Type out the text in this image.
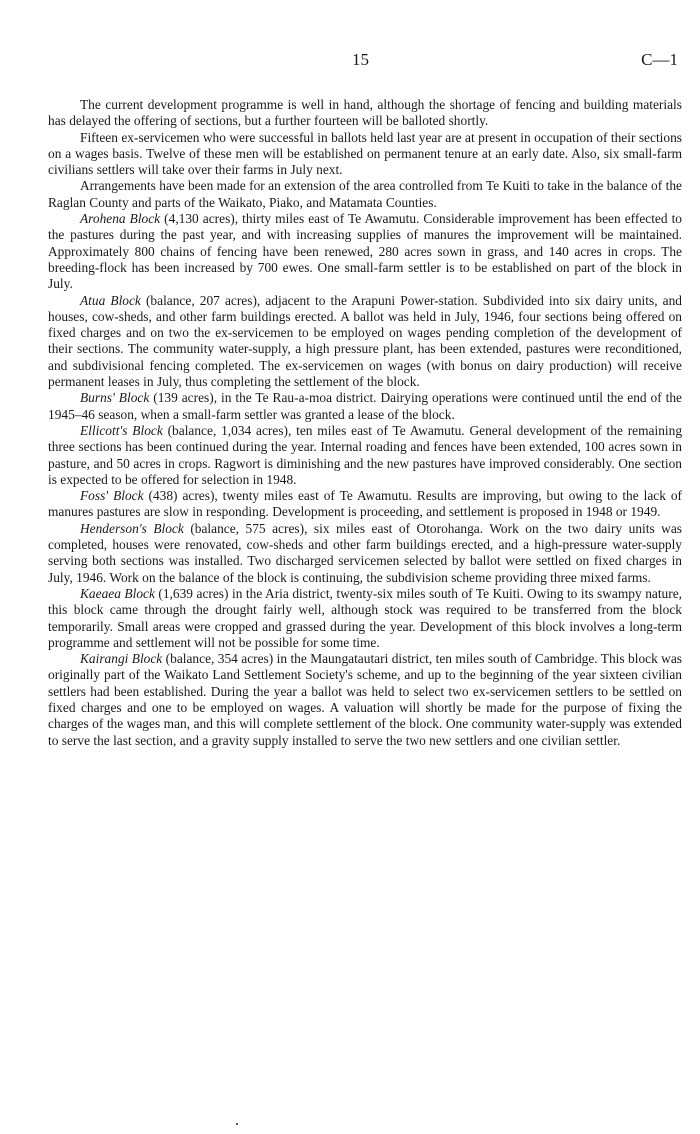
15	C—1

The current development programme is well in hand, although the shortage of fencing and building materials has delayed the offering of sections, but a further fourteen will be balloted shortly.

Fifteen ex-servicemen who were successful in ballots held last year are at present in occupation of their sections on a wages basis. Twelve of these men will be established on permanent tenure at an early date. Also, six small-farm civilians settlers will take over their farms in July next.

Arrangements have been made for an extension of the area controlled from Te Kuiti to take in the balance of the Raglan County and parts of the Waikato, Piako, and Matamata Counties.

Arohena Block (4,130 acres), thirty miles east of Te Awamutu. Considerable improvement has been effected to the pastures during the past year, and with increasing supplies of manures the improvement will be maintained. Approximately 800 chains of fencing have been renewed, 280 acres sown in grass, and 140 acres in crops. The breeding-flock has been increased by 700 ewes. One small-farm settler is to be established on part of the block in July.

Atua Block (balance, 207 acres), adjacent to the Arapuni Power-station. Subdivided into six dairy units, and houses, cow-sheds, and other farm buildings erected. A ballot was held in July, 1946, four sections being offered on fixed charges and on two the ex-servicemen to be employed on wages pending completion of the development of their sections. The community water-supply, a high pressure plant, has been extended, pastures were reconditioned, and subdivisional fencing completed. The ex-servicemen on wages (with bonus on dairy production) will receive permanent leases in July, thus completing the settlement of the block.

Burns' Block (139 acres), in the Te Rau-a-moa district. Dairying operations were continued until the end of the 1945–46 season, when a small-farm settler was granted a lease of the block.

Ellicott's Block (balance, 1,034 acres), ten miles east of Te Awamutu. General development of the remaining three sections has been continued during the year. Internal roading and fences have been extended, 100 acres sown in pasture, and 50 acres in crops. Ragwort is diminishing and the new pastures have improved considerably. One section is expected to be offered for selection in 1948.

Foss' Block (438) acres), twenty miles east of Te Awamutu. Results are improving, but owing to the lack of manures pastures are slow in responding. Development is proceeding, and settlement is proposed in 1948 or 1949.

Henderson's Block (balance, 575 acres), six miles east of Otorohanga. Work on the two dairy units was completed, houses were renovated, cow-sheds and other farm buildings erected, and a high-pressure water-supply serving both sections was installed. Two discharged servicemen selected by ballot were settled on fixed charges in July, 1946. Work on the balance of the block is continuing, the subdivision scheme providing three mixed farms.

Kaeaea Block (1,639 acres) in the Aria district, twenty-six miles south of Te Kuiti. Owing to its swampy nature, this block came through the drought fairly well, although stock was required to be transferred from the block temporarily. Small areas were cropped and grassed during the year. Development of this block involves a long-term programme and settlement will not be possible for some time.

Kairangi Block (balance, 354 acres) in the Maungatautari district, ten miles south of Cambridge. This block was originally part of the Waikato Land Settlement Society's scheme, and up to the beginning of the year sixteen civilian settlers had been established. During the year a ballot was held to select two ex-servicemen settlers to be settled on fixed charges and one to be employed on wages. A valuation will shortly be made for the purpose of fixing the charges of the wages man, and this will complete settlement of the block. One community water-supply was extended to serve the last section, and a gravity supply installed to serve the two new settlers and one civilian settler.
